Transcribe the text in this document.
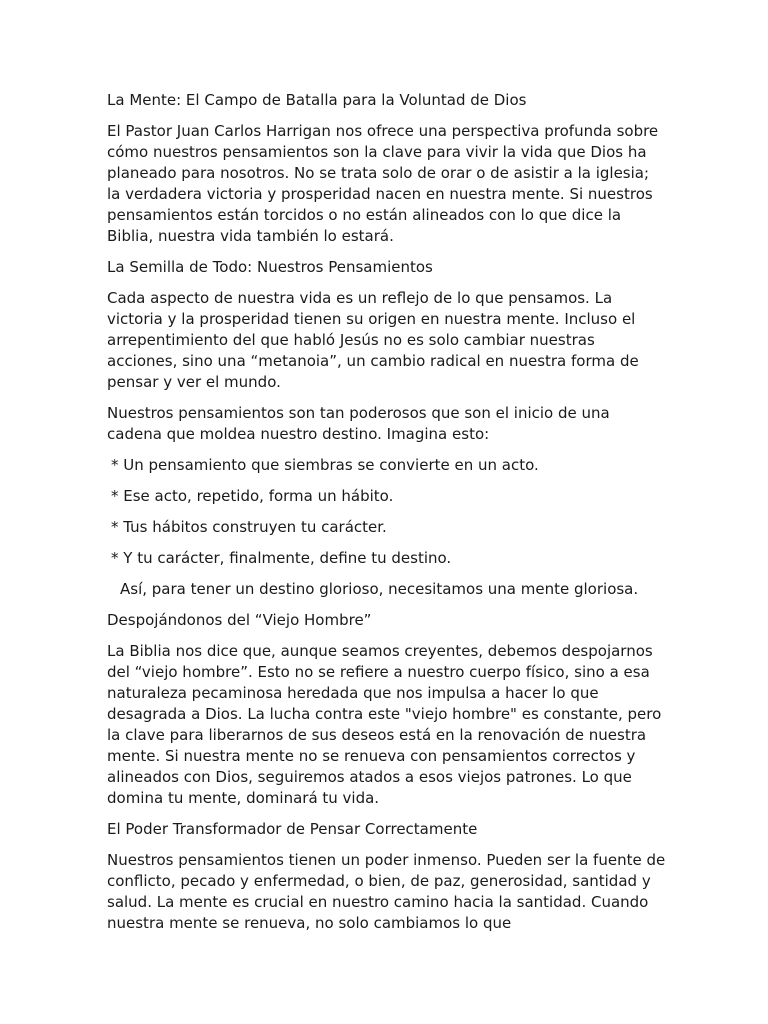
La Mente: El Campo de Batalla para la Voluntad de Dios

El Pastor Juan Carlos Harrigan nos ofrece una perspectiva profunda sobre cómo nuestros pensamientos son la clave para vivir la vida que Dios ha planeado para nosotros. No se trata solo de orar o de asistir a la iglesia; la verdadera victoria y prosperidad nacen en nuestra mente. Si nuestros pensamientos están torcidos o no están alineados con lo que dice la Biblia, nuestra vida también lo estará.

La Semilla de Todo: Nuestros Pensamientos

Cada aspecto de nuestra vida es un reflejo de lo que pensamos. La victoria y la prosperidad tienen su origen en nuestra mente. Incluso el arrepentimiento del que habló Jesús no es solo cambiar nuestras acciones, sino una “metanoia”, un cambio radical en nuestra forma de pensar y ver el mundo.

Nuestros pensamientos son tan poderosos que son el inicio de una cadena que moldea nuestro destino. Imagina esto:

* Un pensamiento que siembras se convierte en un acto.

* Ese acto, repetido, forma un hábito.

* Tus hábitos construyen tu carácter.

* Y tu carácter, finalmente, define tu destino.

Así, para tener un destino glorioso, necesitamos una mente gloriosa.

Despojándonos del “Viejo Hombre”

La Biblia nos dice que, aunque seamos creyentes, debemos despojarnos del “viejo hombre”. Esto no se refiere a nuestro cuerpo físico, sino a esa naturaleza pecaminosa heredada que nos impulsa a hacer lo que desagrada a Dios. La lucha contra este "viejo hombre" es constante, pero la clave para liberarnos de sus deseos está en la renovación de nuestra mente. Si nuestra mente no se renueva con pensamientos correctos y alineados con Dios, seguiremos atados a esos viejos patrones. Lo que domina tu mente, dominará tu vida.

El Poder Transformador de Pensar Correctamente

Nuestros pensamientos tienen un poder inmenso. Pueden ser la fuente de conflicto, pecado y enfermedad, o bien, de paz, generosidad, santidad y salud. La mente es crucial en nuestro camino hacia la santidad. Cuando nuestra mente se renueva, no solo cambiamos lo que
